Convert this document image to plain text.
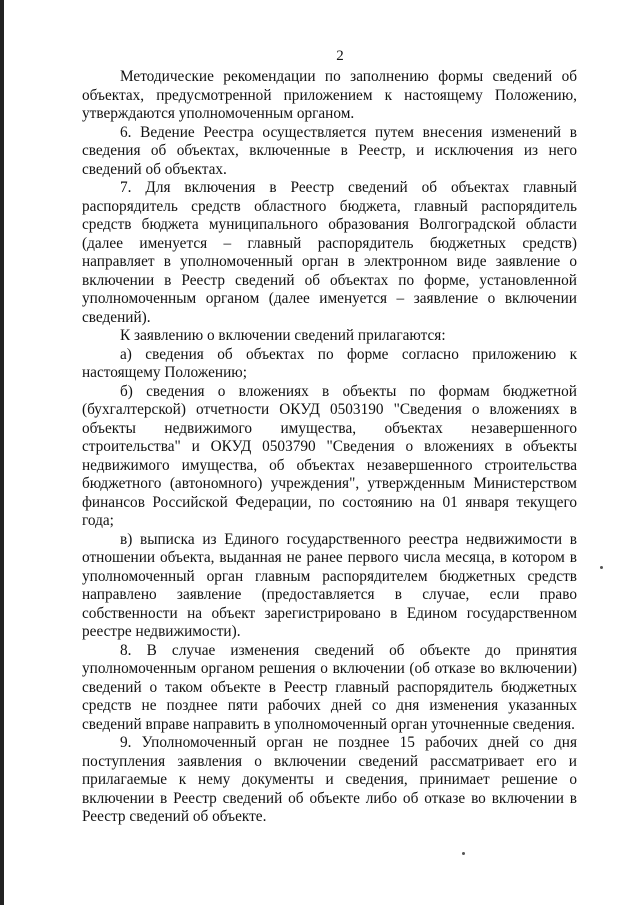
2

Методические рекомендации по заполнению формы сведений об объектах, предусмотренной приложением к настоящему Положению, утверждаются уполномоченным органом.

6. Ведение Реестра осуществляется путем внесения изменений в сведения об объектах, включенные в Реестр, и исключения из него сведений об объектах.

7. Для включения в Реестр сведений об объектах главный распорядитель средств областного бюджета, главный распорядитель средств бюджета муниципального образования Волгоградской области (далее именуется – главный распорядитель бюджетных средств) направляет в уполномоченный орган в электронном виде заявление о включении в Реестр сведений об объектах по форме, установленной уполномоченным органом (далее именуется – заявление о включении сведений).

К заявлению о включении сведений прилагаются:

а) сведения об объектах по форме согласно приложению к настоящему Положению;

б) сведения о вложениях в объекты по формам бюджетной (бухгалтерской) отчетности ОКУД 0503190 "Сведения о вложениях в объекты недвижимого имущества, объектах незавершенного строительства" и ОКУД 0503790 "Сведения о вложениях в объекты недвижимого имущества, об объектах незавершенного строительства бюджетного (автономного) учреждения", утвержденным Министерством финансов Российской Федерации, по состоянию на 01 января текущего года;

в) выписка из Единого государственного реестра недвижимости в отношении объекта, выданная не ранее первого числа месяца, в котором в уполномоченный орган главным распорядителем бюджетных средств направлено заявление (предоставляется в случае, если право собственности на объект зарегистрировано в Едином государственном реестре недвижимости).

8. В случае изменения сведений об объекте до принятия уполномоченным органом решения о включении (об отказе во включении) сведений о таком объекте в Реестр главный распорядитель бюджетных средств не позднее пяти рабочих дней со дня изменения указанных сведений вправе направить в уполномоченный орган уточненные сведения.

9. Уполномоченный орган не позднее 15 рабочих дней со дня поступления заявления о включении сведений рассматривает его и прилагаемые к нему документы и сведения, принимает решение о включении в Реестр сведений об объекте либо об отказе во включении в Реестр сведений об объекте.
